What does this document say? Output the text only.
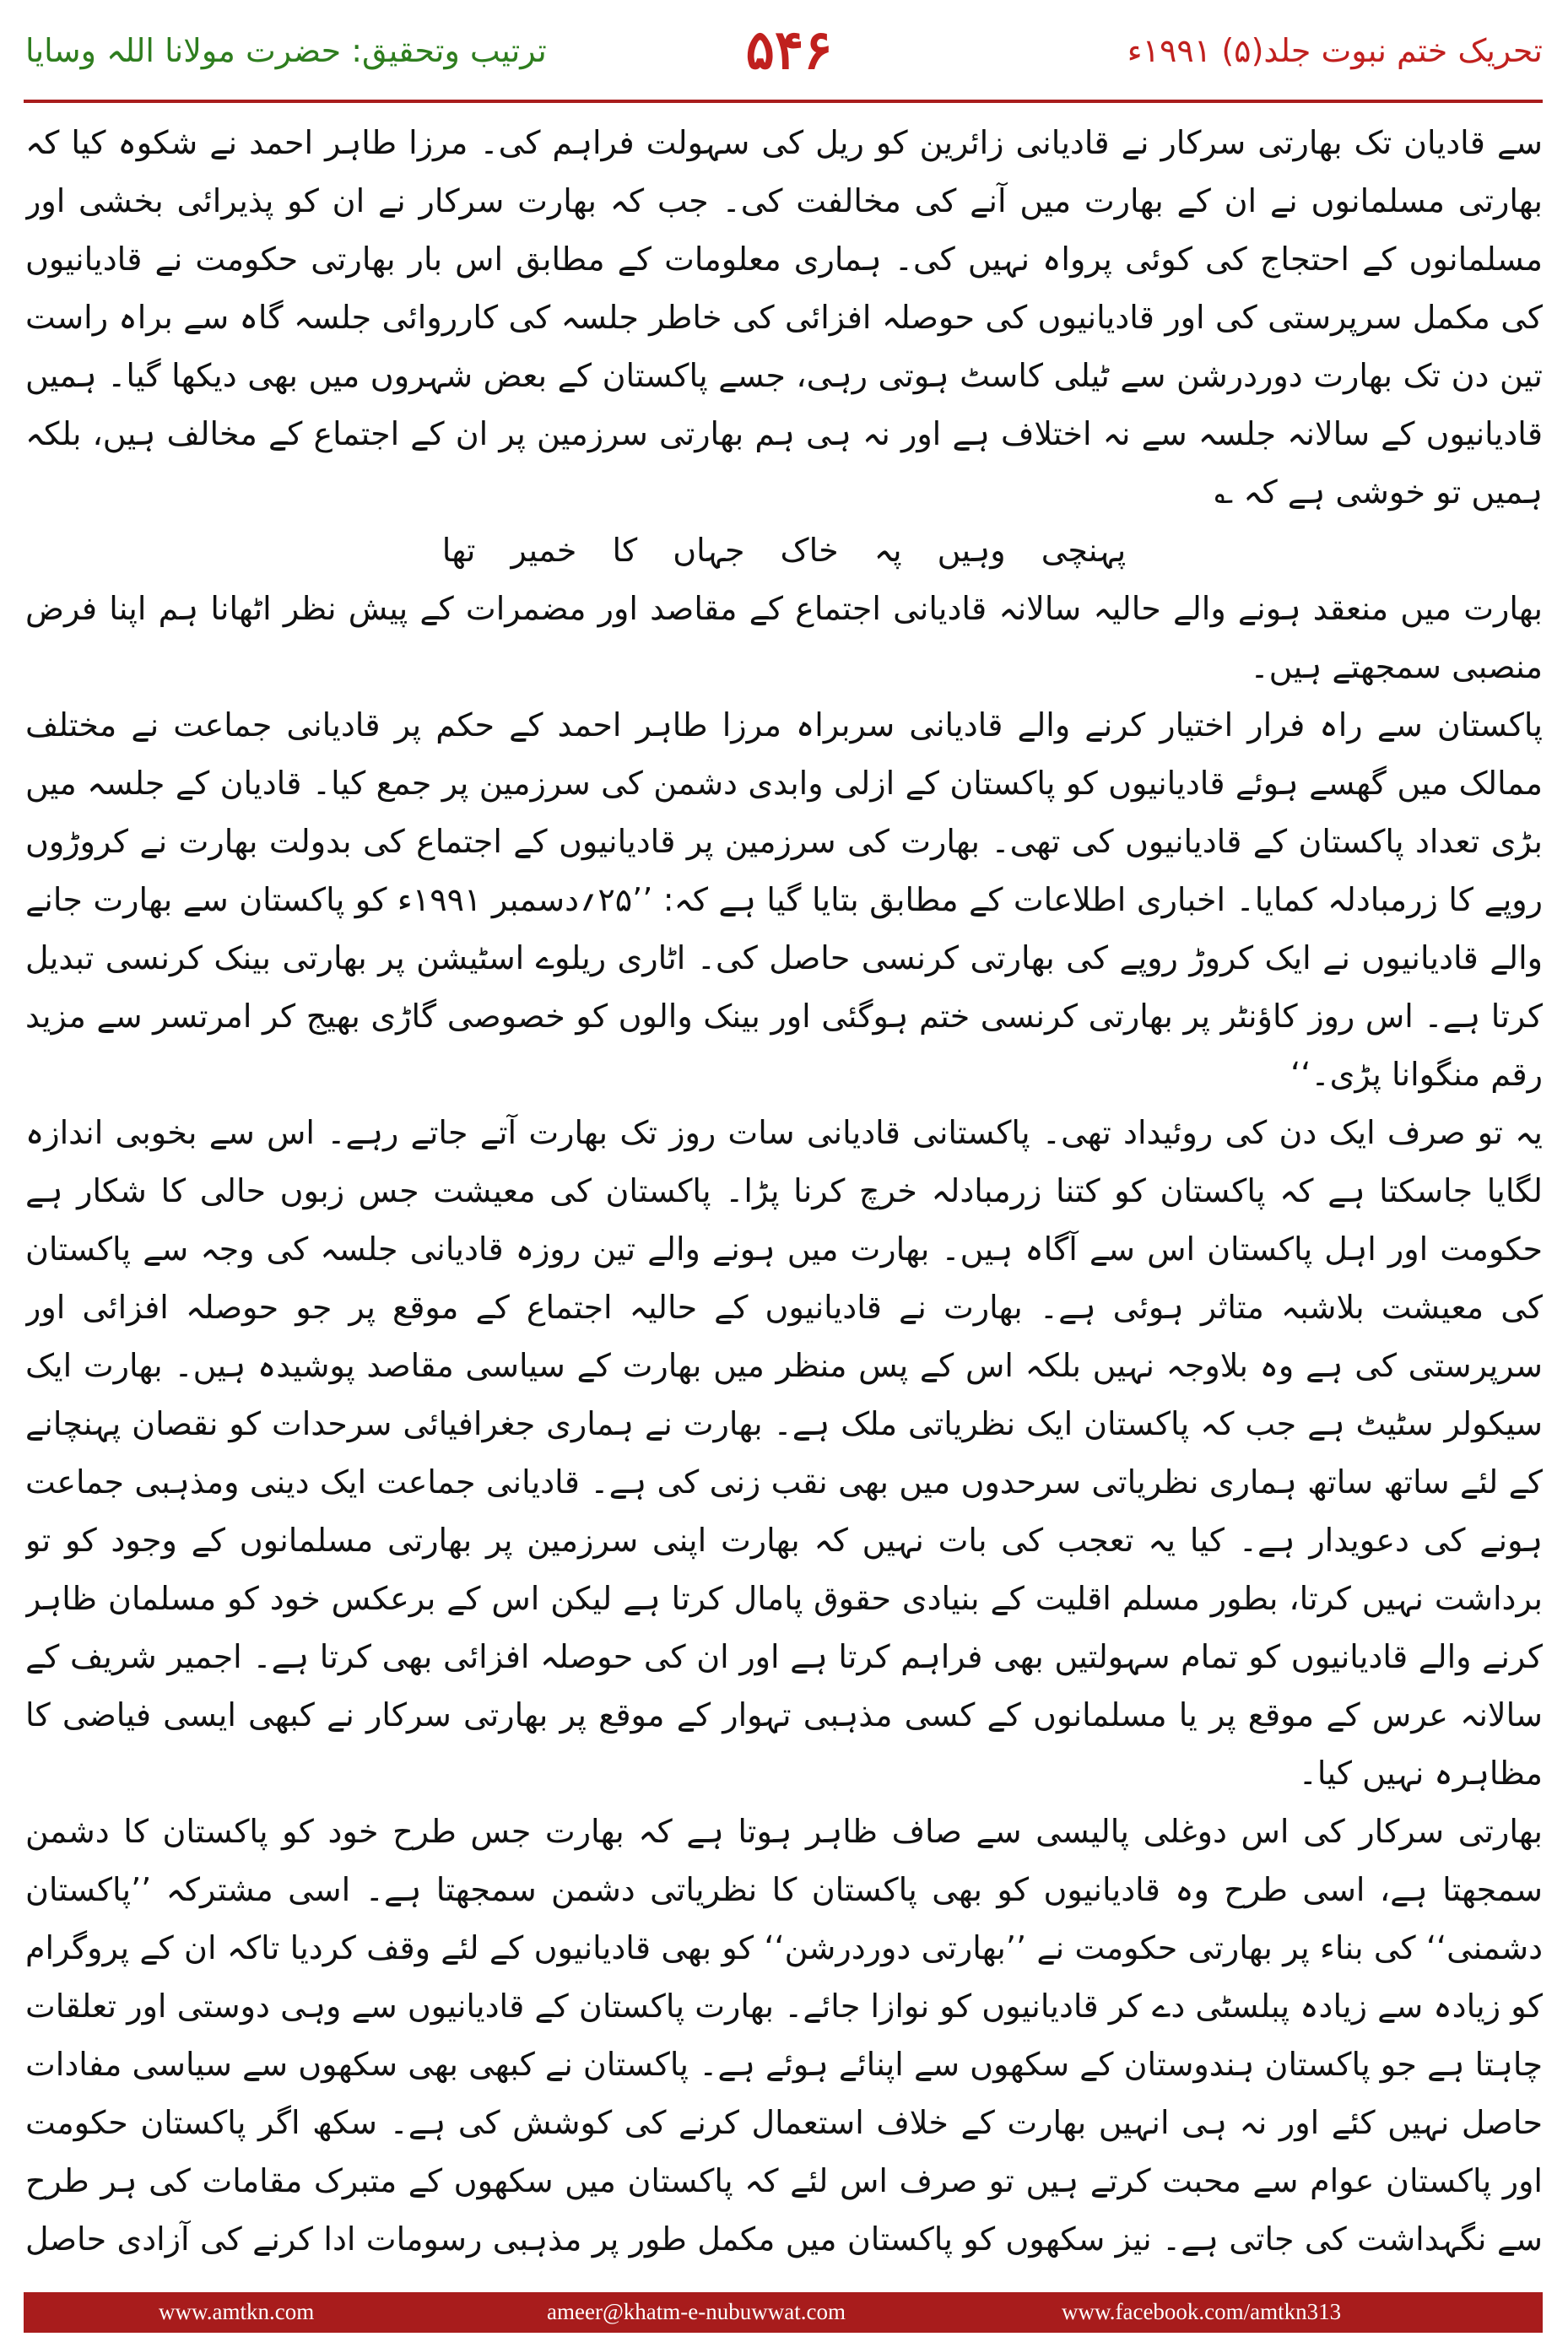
ترتیب وتحقیق: حضرت مولانا اللہ وسایا	۵۴۶	تحریک ختم نبوت جلد(۵) ۱۹۹۱ء

سے قادیان تک بھارتی سرکار نے قادیانی زائرین کو ریل کی سہولت فراہم کی۔ مرزا طاہر احمد نے شکوہ کیا کہ بھارتی مسلمانوں نے ان کے بھارت میں آنے کی مخالفت کی۔ جب کہ بھارت سرکار نے ان کو پذیرائی بخشی اور مسلمانوں کے احتجاج کی کوئی پرواہ نہیں کی۔ ہماری معلومات کے مطابق اس بار بھارتی حکومت نے قادیانیوں کی مکمل سرپرستی کی اور قادیانیوں کی حوصلہ افزائی کی خاطر جلسہ کی کارروائی جلسہ گاہ سے براہ راست تین دن تک بھارت دوردرشن سے ٹیلی کاسٹ ہوتی رہی، جسے پاکستان کے بعض شہروں میں بھی دیکھا گیا۔ ہمیں قادیانیوں کے سالانہ جلسہ سے نہ اختلاف ہے اور نہ ہی ہم بھارتی سرزمین پر ان کے اجتماع کے مخالف ہیں، بلکہ ہمیں تو خوشی ہے کہ ؎

پہنچی وہیں پہ خاک جہاں کا خمیر تھا

بھارت میں منعقد ہونے والے حالیہ سالانہ قادیانی اجتماع کے مقاصد اور مضمرات کے پیش نظر اٹھانا ہم اپنا فرض منصبی سمجھتے ہیں۔

پاکستان سے راہ فرار اختیار کرنے والے قادیانی سربراہ مرزا طاہر احمد کے حکم پر قادیانی جماعت نے مختلف ممالک میں گھسے ہوئے قادیانیوں کو پاکستان کے ازلی وابدی دشمن کی سرزمین پر جمع کیا۔ قادیان کے جلسہ میں بڑی تعداد پاکستان کے قادیانیوں کی تھی۔ بھارت کی سرزمین پر قادیانیوں کے اجتماع کی بدولت بھارت نے کروڑوں روپے کا زرمبادلہ کمایا۔ اخباری اطلاعات کے مطابق بتایا گیا ہے کہ: ’’۲۵؍دسمبر ۱۹۹۱ء کو پاکستان سے بھارت جانے والے قادیانیوں نے ایک کروڑ روپے کی بھارتی کرنسی حاصل کی۔ اٹاری ریلوے اسٹیشن پر بھارتی بینک کرنسی تبدیل کرتا ہے۔ اس روز کاؤنٹر پر بھارتی کرنسی ختم ہوگئی اور بینک والوں کو خصوصی گاڑی بھیج کر امرتسر سے مزید رقم منگوانا پڑی۔‘‘

یہ تو صرف ایک دن کی روئیداد تھی۔ پاکستانی قادیانی سات روز تک بھارت آتے جاتے رہے۔ اس سے بخوبی اندازہ لگایا جاسکتا ہے کہ پاکستان کو کتنا زرمبادلہ خرچ کرنا پڑا۔ پاکستان کی معیشت جس زبوں حالی کا شکار ہے حکومت اور اہل پاکستان اس سے آگاہ ہیں۔ بھارت میں ہونے والے تین روزہ قادیانی جلسہ کی وجہ سے پاکستان کی معیشت بلاشبہ متاثر ہوئی ہے۔ بھارت نے قادیانیوں کے حالیہ اجتماع کے موقع پر جو حوصلہ افزائی اور سرپرستی کی ہے وہ بلاوجہ نہیں بلکہ اس کے پس منظر میں بھارت کے سیاسی مقاصد پوشیدہ ہیں۔ بھارت ایک سیکولر سٹیٹ ہے جب کہ پاکستان ایک نظریاتی ملک ہے۔ بھارت نے ہماری جغرافیائی سرحدات کو نقصان پہنچانے کے لئے ساتھ ساتھ ہماری نظریاتی سرحدوں میں بھی نقب زنی کی ہے۔ قادیانی جماعت ایک دینی ومذہبی جماعت ہونے کی دعویدار ہے۔ کیا یہ تعجب کی بات نہیں کہ بھارت اپنی سرزمین پر بھارتی مسلمانوں کے وجود کو تو برداشت نہیں کرتا، بطور مسلم اقلیت کے بنیادی حقوق پامال کرتا ہے لیکن اس کے برعکس خود کو مسلمان ظاہر کرنے والے قادیانیوں کو تمام سہولتیں بھی فراہم کرتا ہے اور ان کی حوصلہ افزائی بھی کرتا ہے۔ اجمیر شریف کے سالانہ عرس کے موقع پر یا مسلمانوں کے کسی مذہبی تہوار کے موقع پر بھارتی سرکار نے کبھی ایسی فیاضی کا مظاہرہ نہیں کیا۔

بھارتی سرکار کی اس دوغلی پالیسی سے صاف ظاہر ہوتا ہے کہ بھارت جس طرح خود کو پاکستان کا دشمن سمجھتا ہے، اسی طرح وہ قادیانیوں کو بھی پاکستان کا نظریاتی دشمن سمجھتا ہے۔ اسی مشترکہ ’’پاکستان دشمنی‘‘ کی بناء پر بھارتی حکومت نے ’’بھارتی دوردرشن‘‘ کو بھی قادیانیوں کے لئے وقف کردیا تاکہ ان کے پروگرام کو زیادہ سے زیادہ پبلسٹی دے کر قادیانیوں کو نوازا جائے۔ بھارت پاکستان کے قادیانیوں سے وہی دوستی اور تعلقات چاہتا ہے جو پاکستان ہندوستان کے سکھوں سے اپنائے ہوئے ہے۔ پاکستان نے کبھی بھی سکھوں سے سیاسی مفادات حاصل نہیں کئے اور نہ ہی انہیں بھارت کے خلاف استعمال کرنے کی کوشش کی ہے۔ سکھ اگر پاکستان حکومت اور پاکستان عوام سے محبت کرتے ہیں تو صرف اس لئے کہ پاکستان میں سکھوں کے متبرک مقامات کی ہر طرح سے نگہداشت کی جاتی ہے۔ نیز سکھوں کو پاکستان میں مکمل طور پر مذہبی رسومات ادا کرنے کی آزادی حاصل

www.amtkn.com	ameer@khatm-e-nubuwwat.com	www.facebook.com/amtkn313
